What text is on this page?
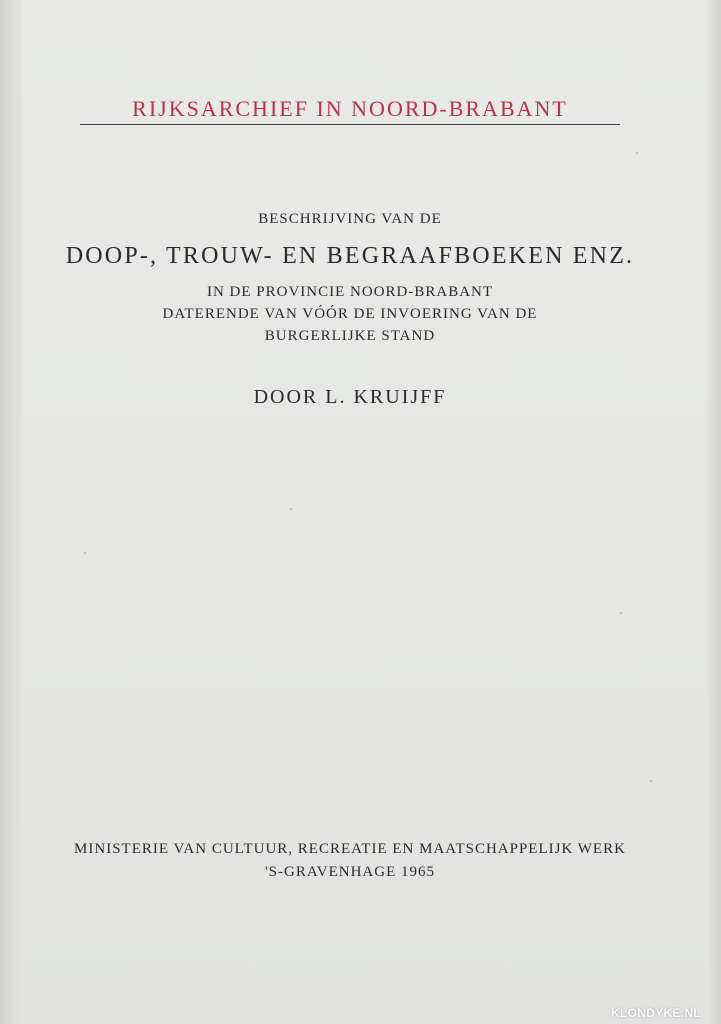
RIJKSARCHIEF IN NOORD-BRABANT
BESCHRIJVING VAN DE
DOOP-, TROUW- EN BEGRAAFBOEKEN ENZ.
IN DE PROVINCIE NOORD-BRABANT
DATERENDE VAN VÓÓR DE INVOERING VAN DE
BURGERLIJKE STAND
DOOR L. KRUIJFF
MINISTERIE VAN CULTUUR, RECREATIE EN MAATSCHAPPELIJK WERK
'S-GRAVENHAGE 1965
KLONDYKE.NL
